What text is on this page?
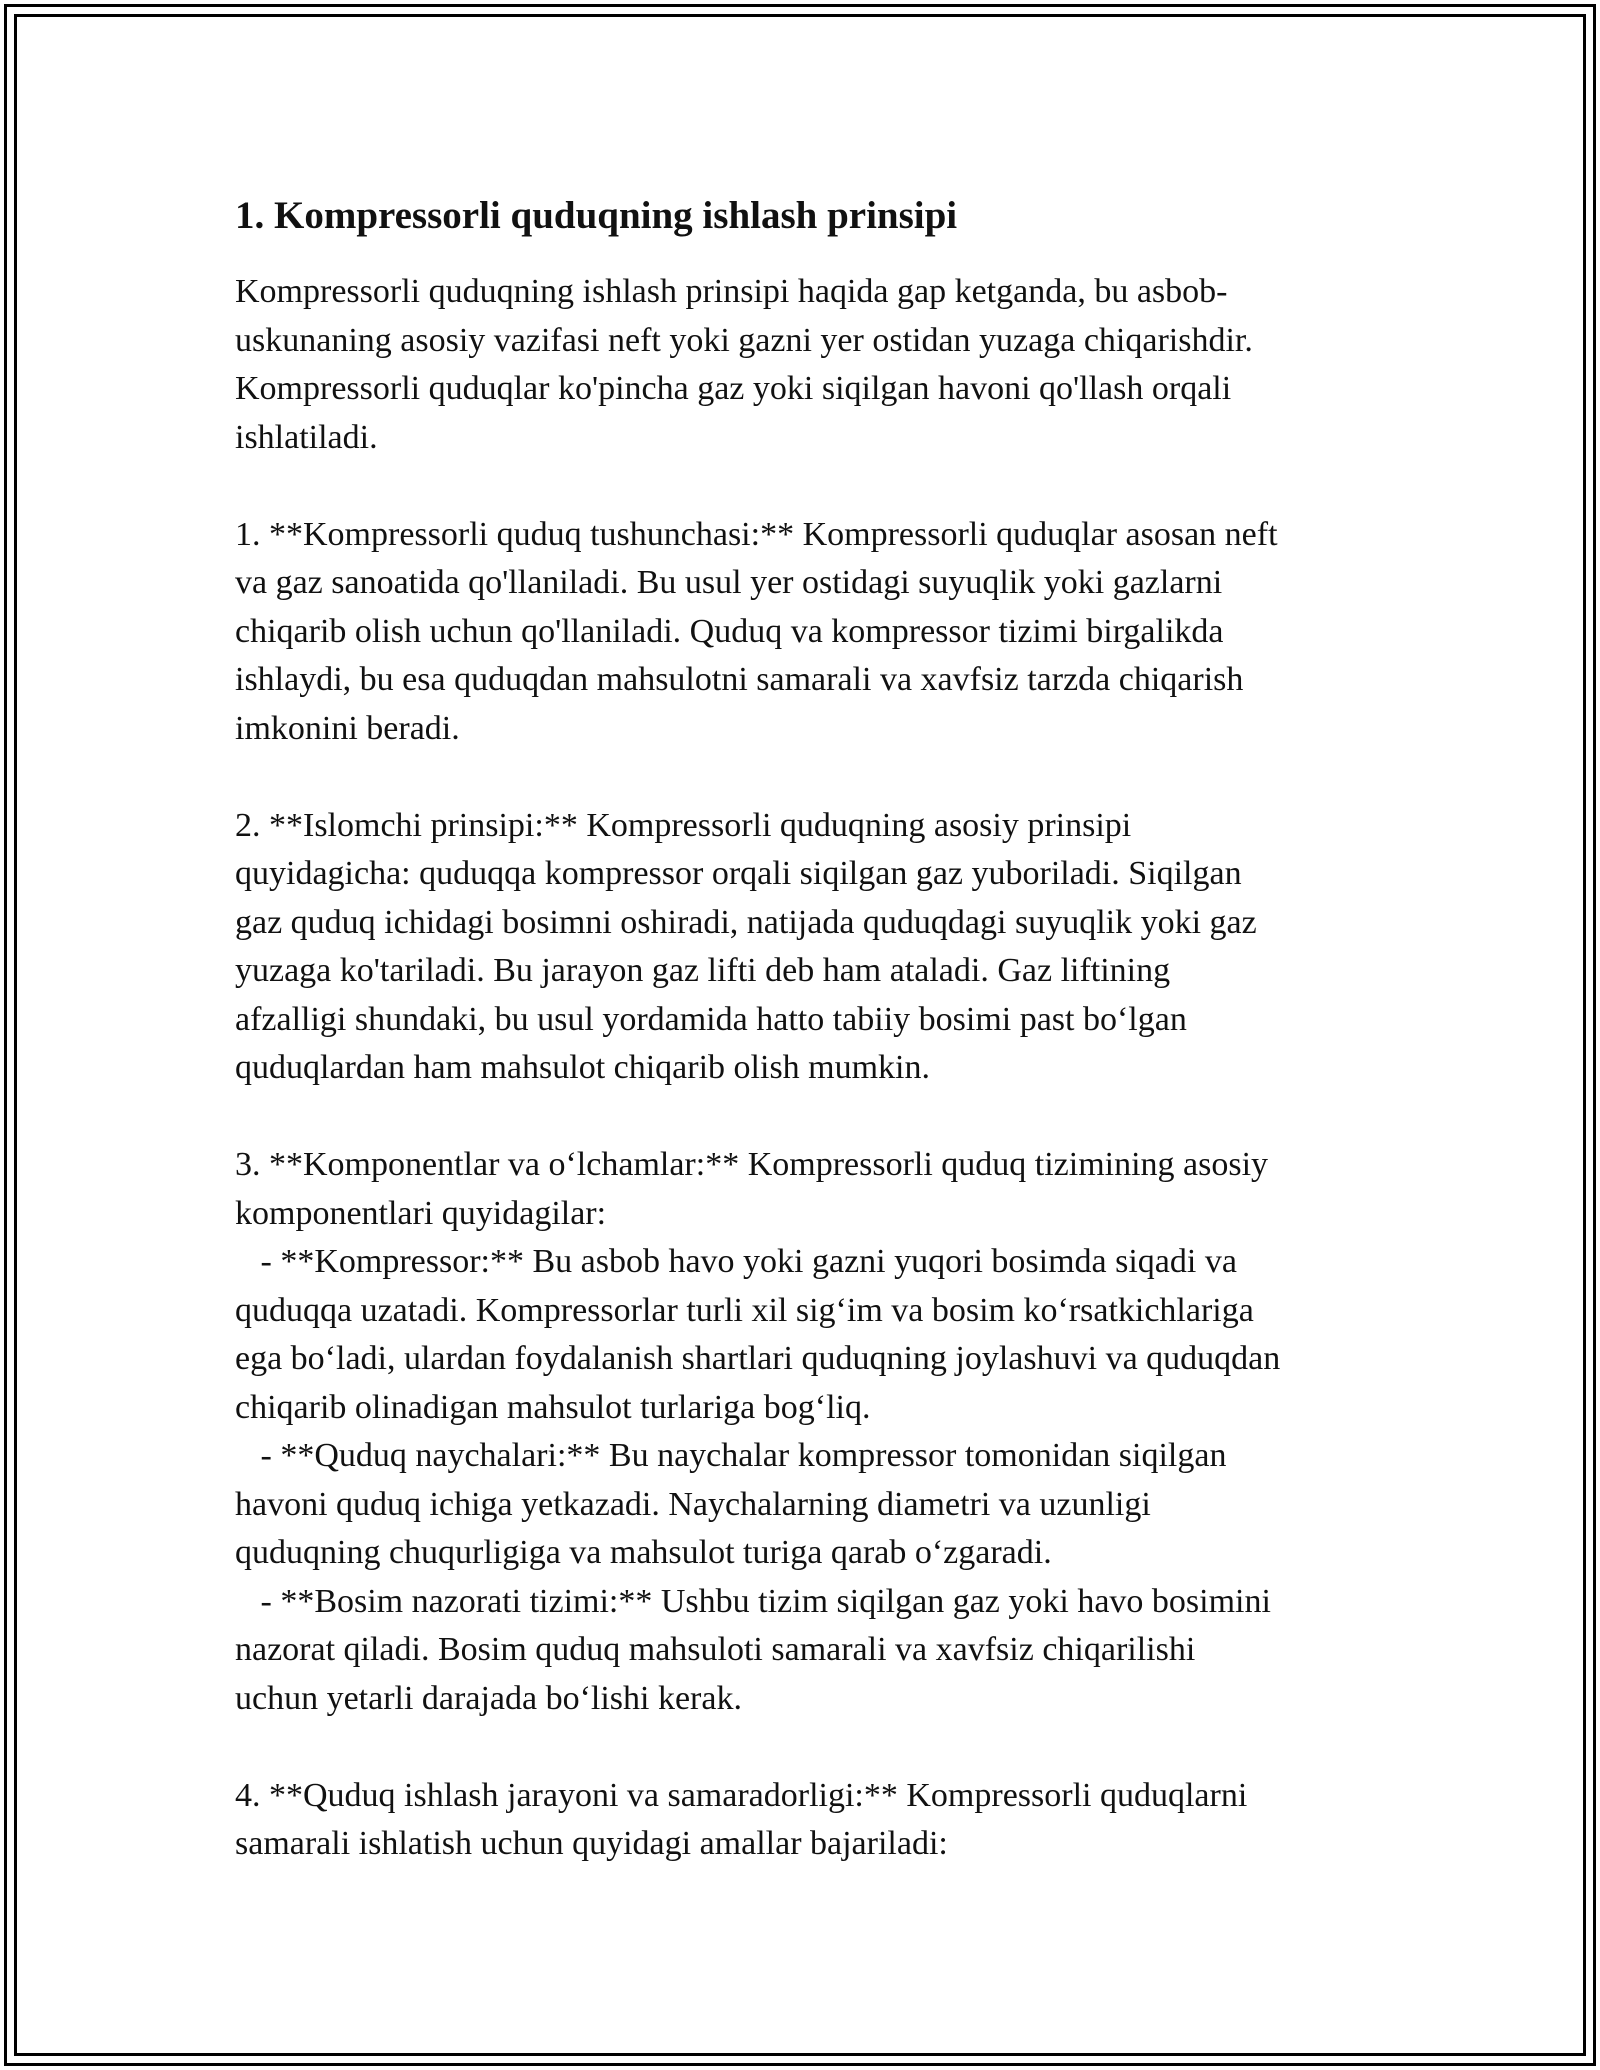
1. Kompressorli quduqning ishlash prinsipi

Kompressorli quduqning ishlash prinsipi haqida gap ketganda, bu asbob-
uskunaning asosiy vazifasi neft yoki gazni yer ostidan yuzaga chiqarishdir.
Kompressorli quduqlar ko'pincha gaz yoki siqilgan havoni qo'llash orqali
ishlatiladi.

1. **Kompressorli quduq tushunchasi:** Kompressorli quduqlar asosan neft
va gaz sanoatida qo'llaniladi. Bu usul yer ostidagi suyuqlik yoki gazlarni
chiqarib olish uchun qo'llaniladi. Quduq va kompressor tizimi birgalikda
ishlaydi, bu esa quduqdan mahsulotni samarali va xavfsiz tarzda chiqarish
imkonini beradi.

2. **Islomchi prinsipi:** Kompressorli quduqning asosiy prinsipi
quyidagicha: quduqqa kompressor orqali siqilgan gaz yuboriladi. Siqilgan
gaz quduq ichidagi bosimni oshiradi, natijada quduqdagi suyuqlik yoki gaz
yuzaga ko'tariladi. Bu jarayon gaz lifti deb ham ataladi. Gaz liftining
afzalligi shundaki, bu usul yordamida hatto tabiiy bosimi past bo‘lgan
quduqlardan ham mahsulot chiqarib olish mumkin.

3. **Komponentlar va o‘lchamlar:** Kompressorli quduq tizimining asosiy
komponentlari quyidagilar:
- **Kompressor:** Bu asbob havo yoki gazni yuqori bosimda siqadi va
quduqqa uzatadi. Kompressorlar turli xil sig‘im va bosim ko‘rsatkichlariga
ega bo‘ladi, ulardan foydalanish shartlari quduqning joylashuvi va quduqdan
chiqarib olinadigan mahsulot turlariga bog‘liq.
- **Quduq naychalari:** Bu naychalar kompressor tomonidan siqilgan
havoni quduq ichiga yetkazadi. Naychalarning diametri va uzunligi
quduqning chuqurligiga va mahsulot turiga qarab o‘zgaradi.
- **Bosim nazorati tizimi:** Ushbu tizim siqilgan gaz yoki havo bosimini
nazorat qiladi. Bosim quduq mahsuloti samarali va xavfsiz chiqarilishi
uchun yetarli darajada bo‘lishi kerak.

4. **Quduq ishlash jarayoni va samaradorligi:** Kompressorli quduqlarni
samarali ishlatish uchun quyidagi amallar bajariladi:
